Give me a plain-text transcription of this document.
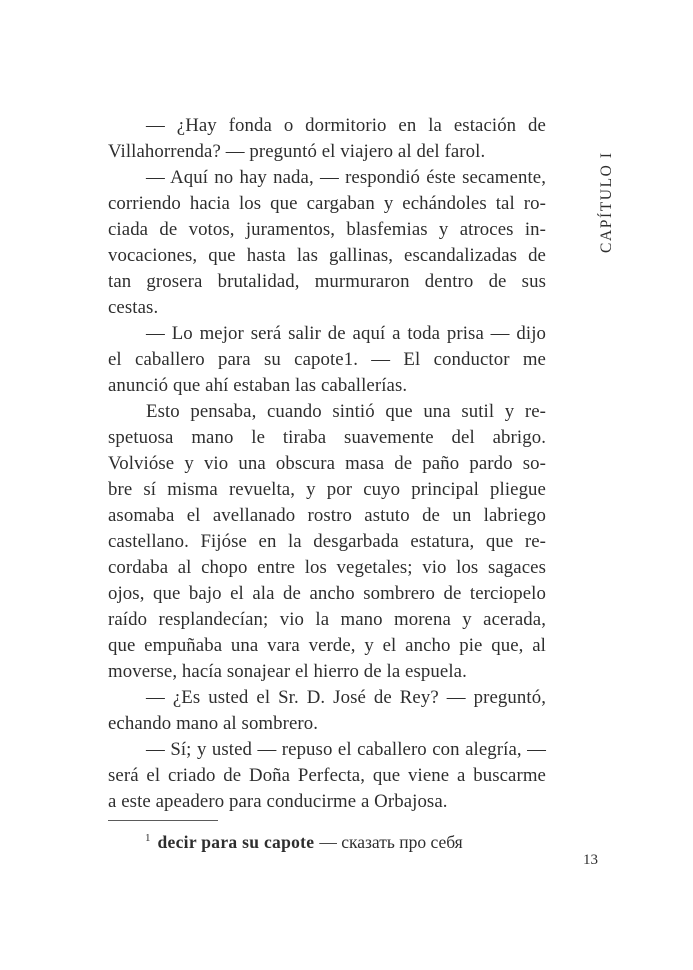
CAPÍTULO I
— ¿Hay fonda o dormitorio en la estación de
Villahorrenda? — preguntó el viajero al del farol.
— Aquí no hay nada, — respondió éste secamente,
corriendo hacia los que cargaban y echándoles tal ro-
ciada de votos, juramentos, blasfemias y atroces in-
vocaciones, que hasta las gallinas, escandalizadas de
tan grosera brutalidad, murmuraron dentro de sus
cestas.
— Lo mejor será salir de aquí a toda prisa — dijo
el caballero para su capote1. — El conductor me
anunció que ahí estaban las caballerías.
Esto pensaba, cuando sintió que una sutil y re-
spetuosa mano le tiraba suavemente del abrigo.
Volvióse y vio una obscura masa de paño pardo so-
bre sí misma revuelta, y por cuyo principal pliegue
asomaba el avellanado rostro astuto de un labriego
castellano. Fijóse en la desgarbada estatura, que re-
cordaba al chopo entre los vegetales; vio los sagaces
ojos, que bajo el ala de ancho sombrero de terciopelo
raído resplandecían; vio la mano morena y acerada,
que empuñaba una vara verde, y el ancho pie que, al
moverse, hacía sonajear el hierro de la espuela.
— ¿Es usted el Sr. D. José de Rey? — preguntó,
echando mano al sombrero.
— Sí; y usted — repuso el caballero con alegría, —
será el criado de Doña Perfecta, que viene a buscarme
a este apeadero para conducirme a Orbajosa.
$^1$ decir para su capote — сказать про себя
13
